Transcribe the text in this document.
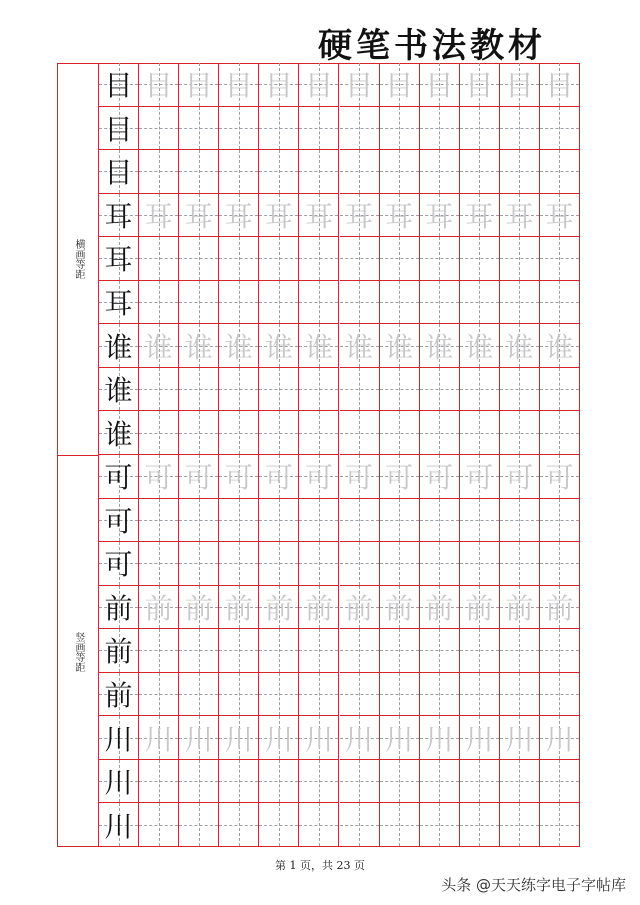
硬笔书法教材
横画等距
竖画等距
目 目 目 目 目 目 目 目 目 目 目 目
目
目
耳 耳 耳 耳 耳 耳 耳 耳 耳 耳 耳 耳
耳
耳
谁 谁 谁 谁 谁 谁 谁 谁 谁 谁 谁 谁
谁
谁
可 可 可 可 可 可 可 可 可 可 可 可
可
可
前 前 前 前 前 前 前 前 前 前 前 前
前
前
川 川 川 川 川 川 川 川 川 川 川 川
川
川
第 1 页，共 23 页
头条 @天天练字电子字帖库
